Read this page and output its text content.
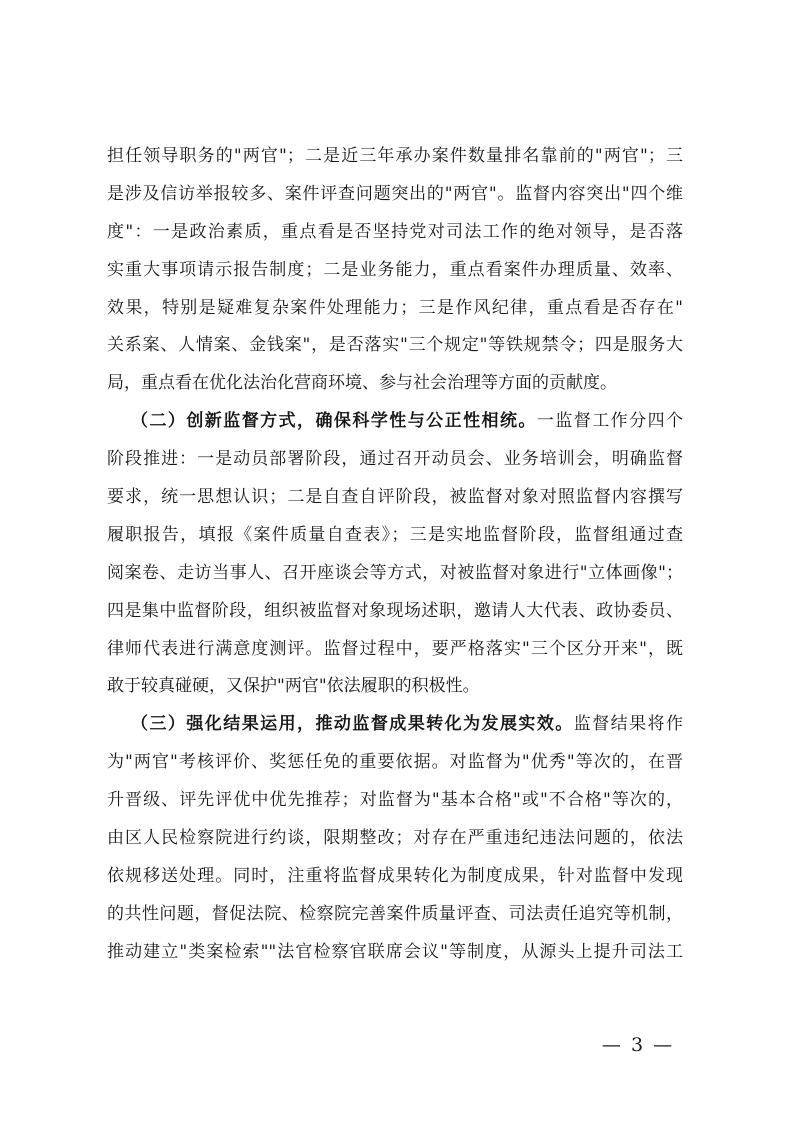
担任领导职务的"两官"；二是近三年承办案件数量排名靠前的"两官"；三
是涉及信访举报较多、案件评查问题突出的"两官"。监督内容突出"四个维
度"：一是政治素质，重点看是否坚持党对司法工作的绝对领导，是否落
实重大事项请示报告制度；二是业务能力，重点看案件办理质量、效率、
效果，特别是疑难复杂案件处理能力；三是作风纪律，重点看是否存在"
关系案、人情案、金钱案"，是否落实"三个规定"等铁规禁令；四是服务大
局，重点看在优化法治化营商环境、参与社会治理等方面的贡献度。
（二）创新监督方式，确保科学性与公正性相统。一监督工作分四个
阶段推进：一是动员部署阶段，通过召开动员会、业务培训会，明确监督
要求，统一思想认识；二是自查自评阶段，被监督对象对照监督内容撰写
履职报告，填报《案件质量自查表》；三是实地监督阶段，监督组通过查
阅案卷、走访当事人、召开座谈会等方式，对被监督对象进行"立体画像"；
四是集中监督阶段，组织被监督对象现场述职，邀请人大代表、政协委员、
律师代表进行满意度测评。监督过程中，要严格落实"三个区分开来"，既
敢于较真碰硬，又保护"两官"依法履职的积极性。
（三）强化结果运用，推动监督成果转化为发展实效。监督结果将作
为"两官"考核评价、奖惩任免的重要依据。对监督为"优秀"等次的，在晋
升晋级、评先评优中优先推荐；对监督为"基本合格"或"不合格"等次的，
由区人民检察院进行约谈，限期整改；对存在严重违纪违法问题的，依法
依规移送处理。同时，注重将监督成果转化为制度成果，针对监督中发现
的共性问题，督促法院、检察院完善案件质量评查、司法责任追究等机制，
推动建立"类案检索""法官检察官联席会议"等制度，从源头上提升司法工
— 3 —
